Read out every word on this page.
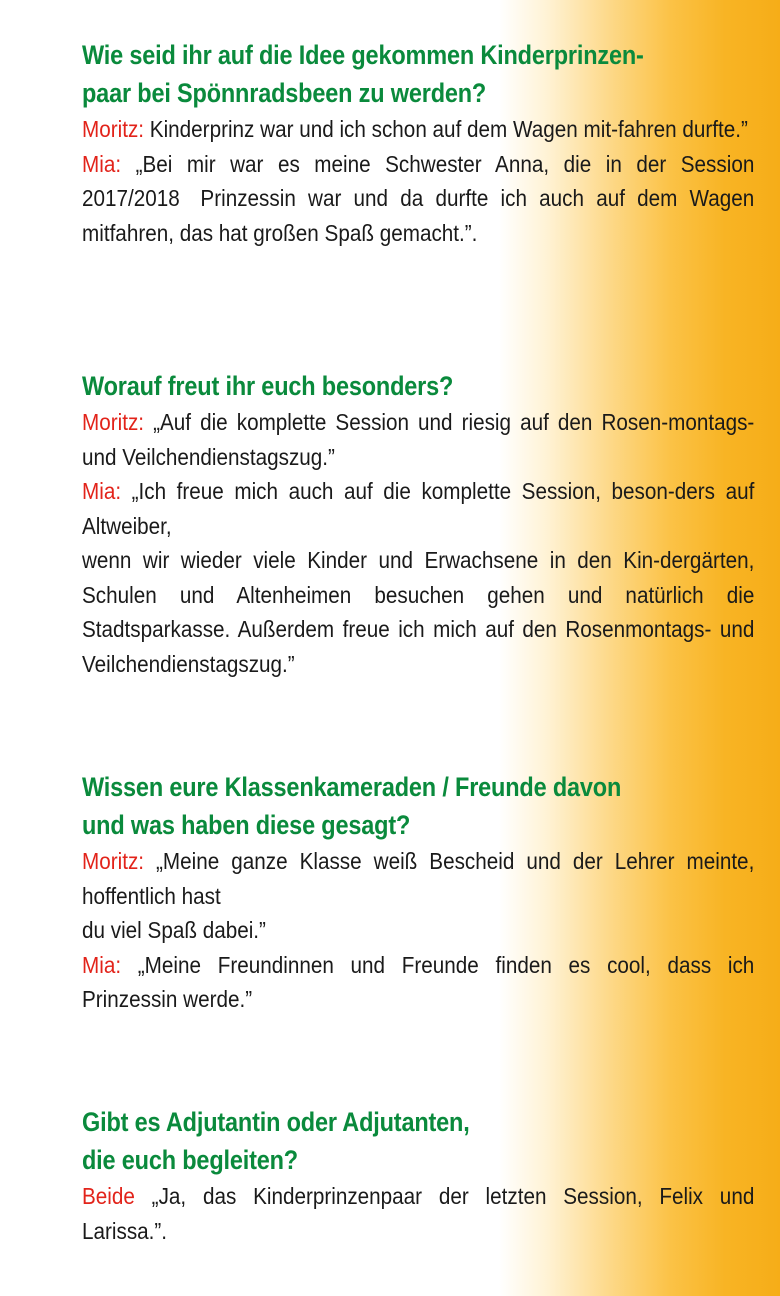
Wie seid ihr auf die Idee gekommen Kinderprinzen-
paar bei Spönnradsbeen zu werden?

Moritz: Kinderprinz war und ich schon auf dem Wagen mit-fahren durfte.”

Mia: „Bei mir war es meine Schwester Anna, die in der Session 2017/2018 Prinzessin war und da durfte ich auch auf dem Wagen mitfahren, das hat großen Spaß gemacht.”.

Worauf freut ihr euch besonders?

Moritz: „Auf die komplette Session und riesig auf den Rosen-montags- und Veilchendienstagszug.”

Mia: „Ich freue mich auch auf die komplette Session, beson-ders auf Altweiber,

wenn wir wieder viele Kinder und Erwachsene in den Kin-dergärten, Schulen und Altenheimen besuchen gehen und natürlich die Stadtsparkasse. Außerdem freue ich mich auf den Rosenmontags- und Veilchendienstagszug.”

Wissen eure Klassenkameraden / Freunde davon
und was haben diese gesagt?

Moritz: „Meine ganze Klasse weiß Bescheid und der Lehrer meinte, hoffentlich hast

du viel Spaß dabei.”

Mia: „Meine Freundinnen und Freunde finden es cool, dass ich Prinzessin werde.”

Gibt es Adjutantin oder Adjutanten,
die euch begleiten?

Beide „Ja, das Kinderprinzenpaar der letzten Session, Felix und Larissa.”.
